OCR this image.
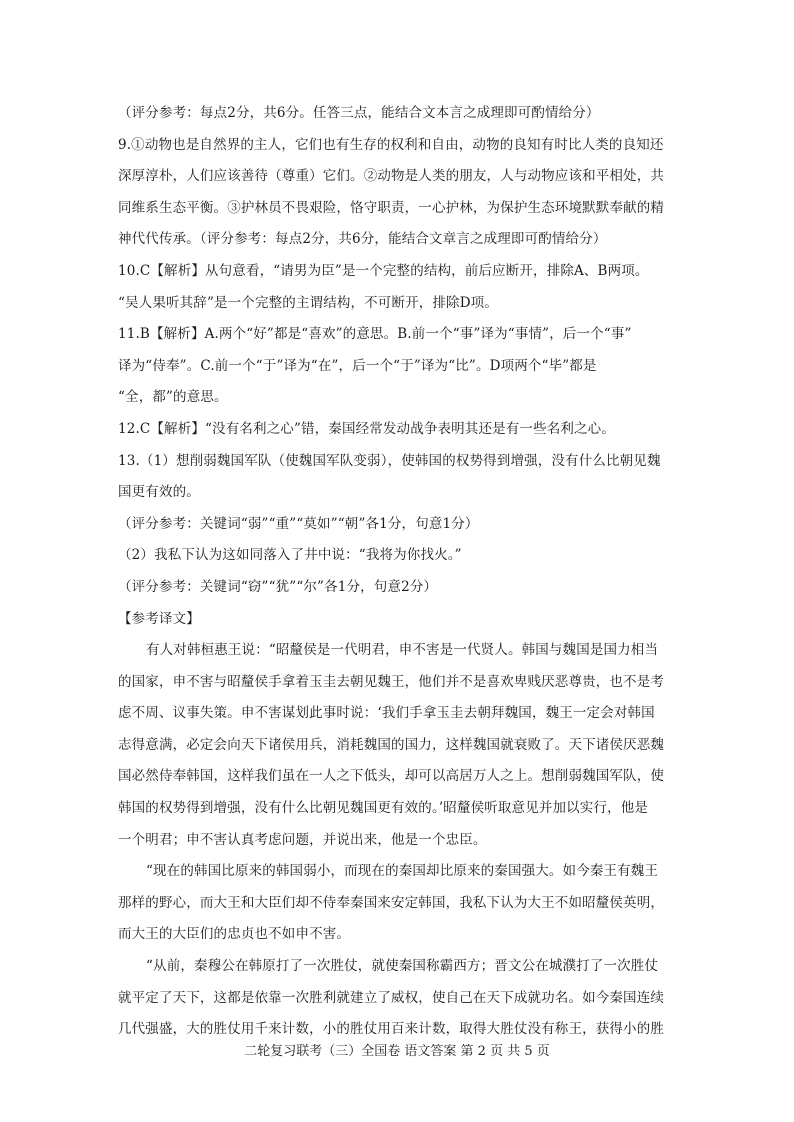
（评分参考：每点2分，共6分。任答三点，能结合文本言之成理即可酌情给分）
9.①动物也是自然界的主人，它们也有生存的权利和自由，动物的良知有时比人类的良知还
深厚淳朴，人们应该善待（尊重）它们。②动物是人类的朋友，人与动物应该和平相处，共
同维系生态平衡。③护林员不畏艰险，恪守职责，一心护林，为保护生态环境默默奉献的精
神代代传承。（评分参考：每点2分，共6分，能结合文章言之成理即可酌情给分）
10.C【解析】从句意看，“请男为臣”是一个完整的结构，前后应断开，排除A、B两项。
“吴人果听其辞”是一个完整的主谓结构，不可断开，排除D项。
11.B【解析】A.两个“好”都是“喜欢”的意思。B.前一个“事”译为“事情”，后一个“事”
译为“侍奉”。C.前一个“于”译为“在”，后一个“于”译为“比”。D项两个“毕”都是
“全，都”的意思。
12.C【解析】“没有名利之心”错，秦国经常发动战争表明其还是有一些名利之心。
13.（1）想削弱魏国军队（使魏国军队变弱），使韩国的权势得到增强，没有什么比朝见魏
国更有效的。
（评分参考：关键词“弱”“重”“莫如”“朝”各1分，句意1分）
（2）我私下认为这如同落入了井中说：“我将为你找火。”
（评分参考：关键词“窃”“犹”“尔”各1分，句意2分）
【参考译文】
有人对韩桓惠王说：“昭釐侯是一代明君，申不害是一代贤人。韩国与魏国是国力相当
的国家，申不害与昭釐侯手拿着玉圭去朝见魏王，他们并不是喜欢卑贱厌恶尊贵，也不是考
虑不周、议事失策。申不害谋划此事时说：‘我们手拿玉圭去朝拜魏国，魏王一定会对韩国
志得意满，必定会向天下诸侯用兵，消耗魏国的国力，这样魏国就衰败了。天下诸侯厌恶魏
国必然侍奉韩国，这样我们虽在一人之下低头，却可以高居万人之上。想削弱魏国军队，使
韩国的权势得到增强，没有什么比朝见魏国更有效的。’昭釐侯听取意见并加以实行，他是
一个明君；申不害认真考虑问题，并说出来，他是一个忠臣。
“现在的韩国比原来的韩国弱小，而现在的秦国却比原来的秦国强大。如今秦王有魏王
那样的野心，而大王和大臣们却不侍奉秦国来安定韩国，我私下认为大王不如昭釐侯英明，
而大王的大臣们的忠贞也不如申不害。
“从前，秦穆公在韩原打了一次胜仗，就使秦国称霸西方；晋文公在城濮打了一次胜仗
就平定了天下，这都是依靠一次胜利就建立了威权，使自己在天下成就功名。如今秦国连续
几代强盛，大的胜仗用千来计数，小的胜仗用百来计数，取得大胜仗没有称王，获得小的胜
二轮复习联考（三）全国卷 语文答案 第 2 页 共 5 页
